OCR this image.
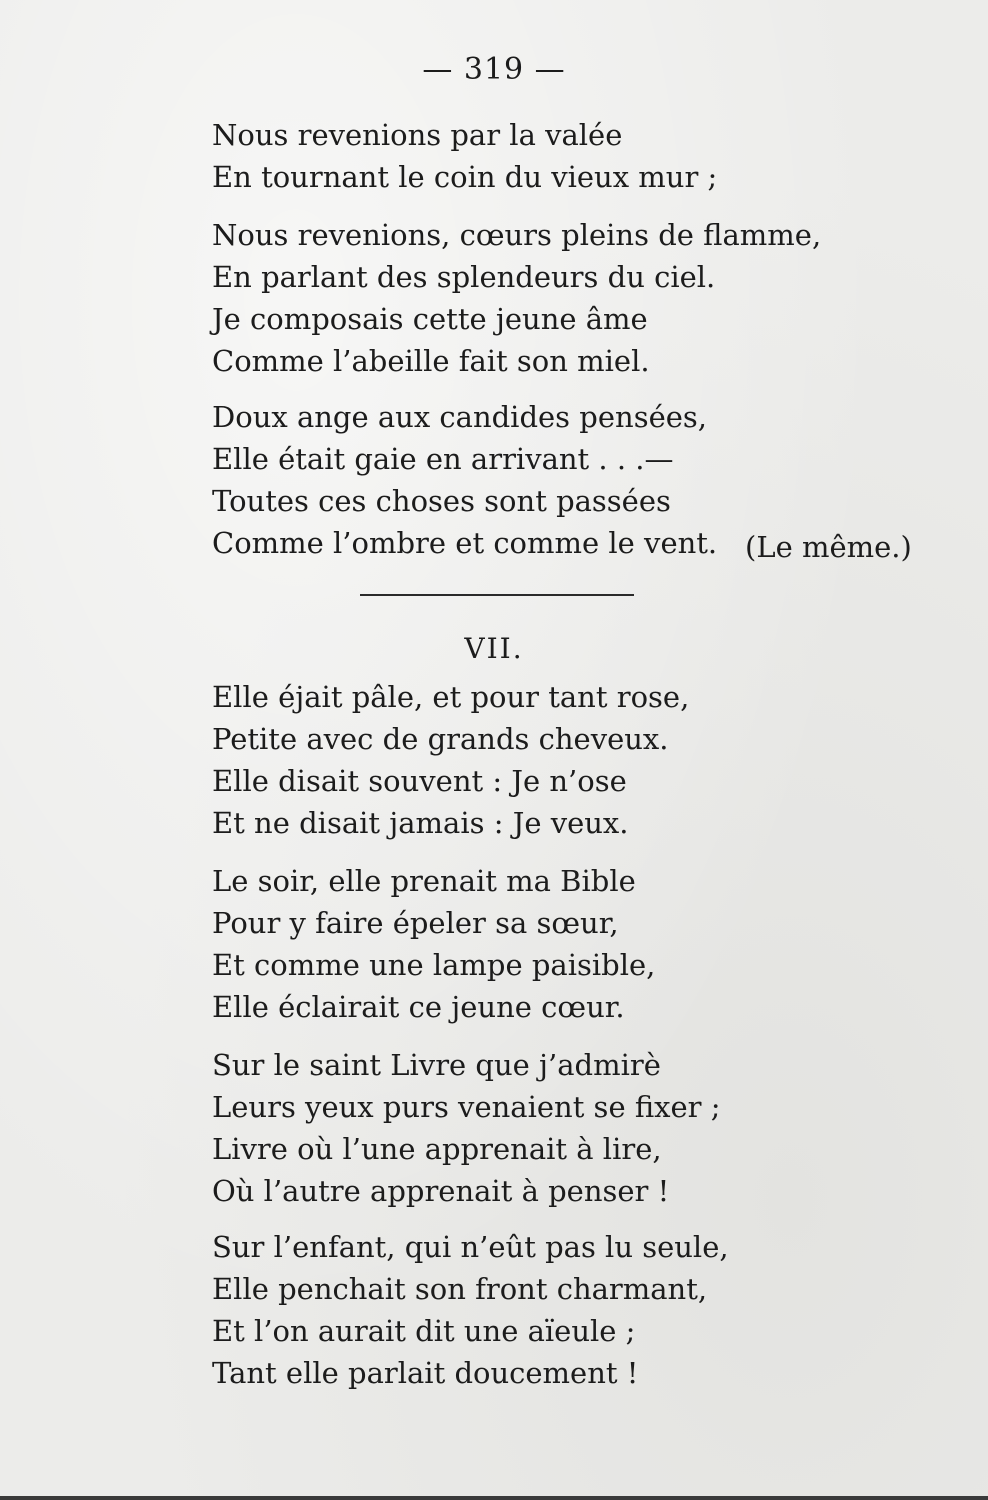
— 319 —
Nous revenions par la valée
En tournant le coin du vieux mur ;
Nous revenions, cœurs pleins de flamme,
En parlant des splendeurs du ciel.
Je composais cette jeune âme
Comme l’abeille fait son miel.
Doux ange aux candides pensées,
Elle était gaie en arrivant . . .—
Toutes ces choses sont passées
Comme l’ombre et comme le vent. (Le même.)
VII.
Elle éjait pâle, et pour tant rose,
Petite avec de grands cheveux.
Elle disait souvent : Je n’ose
Et ne disait jamais : Je veux.
Le soir, elle prenait ma Bible
Pour y faire épeler sa sœur,
Et comme une lampe paisible,
Elle éclairait ce jeune cœur.
Sur le saint Livre que j’admirè
Leurs yeux purs venaient se fixer ;
Livre où l’une apprenait à lire,
Où l’autre apprenait à penser !
Sur l’enfant, qui n’eût pas lu seule,
Elle penchait son front charmant,
Et l’on aurait dit une aïeule ;
Tant elle parlait doucement !
